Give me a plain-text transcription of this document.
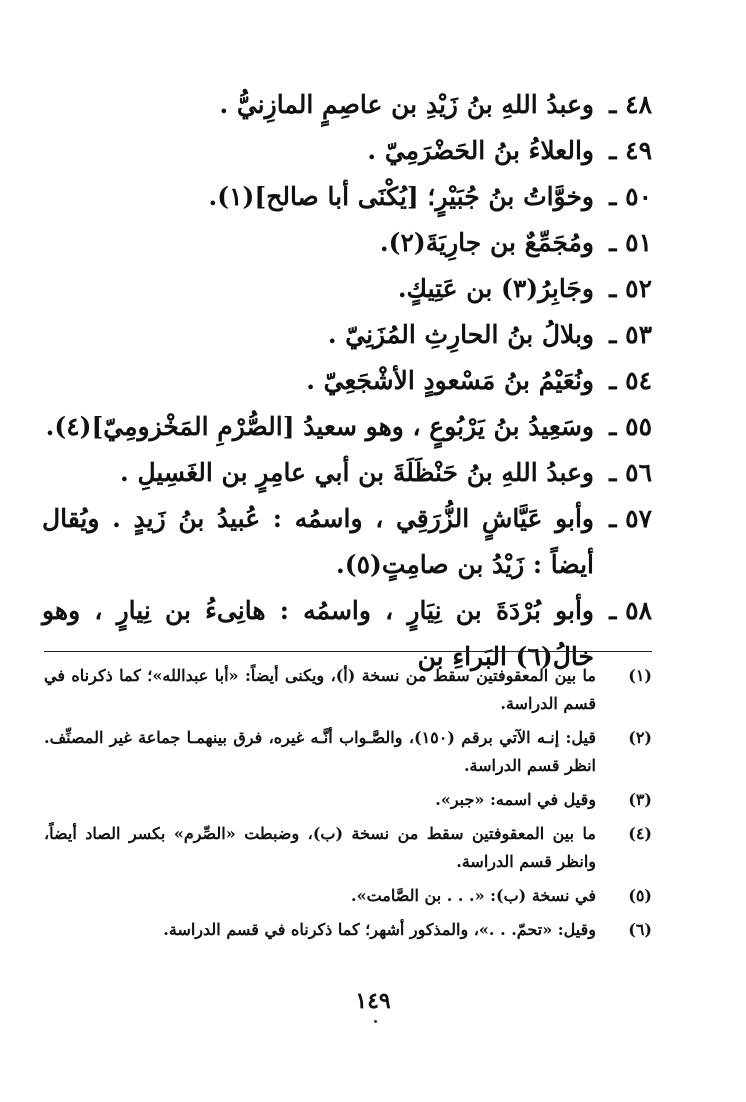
٤٨ ـ
وعبدُ اللهِ بنُ زَيْدِ بن عاصِمٍ المازِنيُّ .
٤٩ ـ
والعلاءُ بنُ الحَضْرَمِيّ .
٥٠ ـ
وخوَّاتُ بنُ جُبَيْرٍ؛ [يُكْنَى أبا صالح](١).
٥١ ـ
ومُجَمِّعٌ بن جارِيَةَ(٢).
٥٢ ـ
وجَابِرُ(٣) بن عَتِيكٍ.
٥٣ ـ
وبلالُ بنُ الحارِثِ المُزَنِيّ .
٥٤ ـ
ونُعَيْمُ بنُ مَسْعودٍ الأشْجَعِيّ .
٥٥ ـ
وسَعِيدُ بنُ يَرْبُوعٍ ، وهو سعيدُ [الصُّرْمِ المَخْزومِيّ](٤).
٥٦ ـ
وعبدُ اللهِ بنُ حَنْظَلَةَ بن أبي عامِرٍ بن الغَسِيلِ .
٥٧ ـ
وأبو عَيَّاشٍ الزُّرَقِي ، واسمُه : عُبيدُ بنُ زَيدٍ . ويُقال أيضاً : زَيْدُ بن صامِتٍ(٥).
٥٨ ـ
وأبو بُرْدَةَ بن نِيَارٍ ، واسمُه : هانِىءُ بن نِيارٍ ، وهو خالُ(٦) البَراءِ بن
(١)
ما بين المعقوفتين سقط من نسخة (أ)، ويكنى أيضاً: «أبا عبدالله»؛ كما ذكرناه في قسم الدراسة.
(٢)
قيل: إنـه الآتي برقم (١٥٠)، والصَّـواب أنَّـه غيره، فرق بينهمـا جماعة غير المصنِّف. انظر قسم الدراسة.
(٣)
وقيل في اسمه: «جبر».
(٤)
ما بين المعقوفتين سقط من نسخة (ب)، وضبطت «الصِّرم» بكسر الصاد أيضاً، وانظر قسم الدراسة.
(٥)
في نسخة (ب): «. . . بن الصَّامت».
(٦)
وقيل: «تحمّ. . .»، والمذكور أشهر؛ كما ذكرناه في قسم الدراسة.
١٤٩
